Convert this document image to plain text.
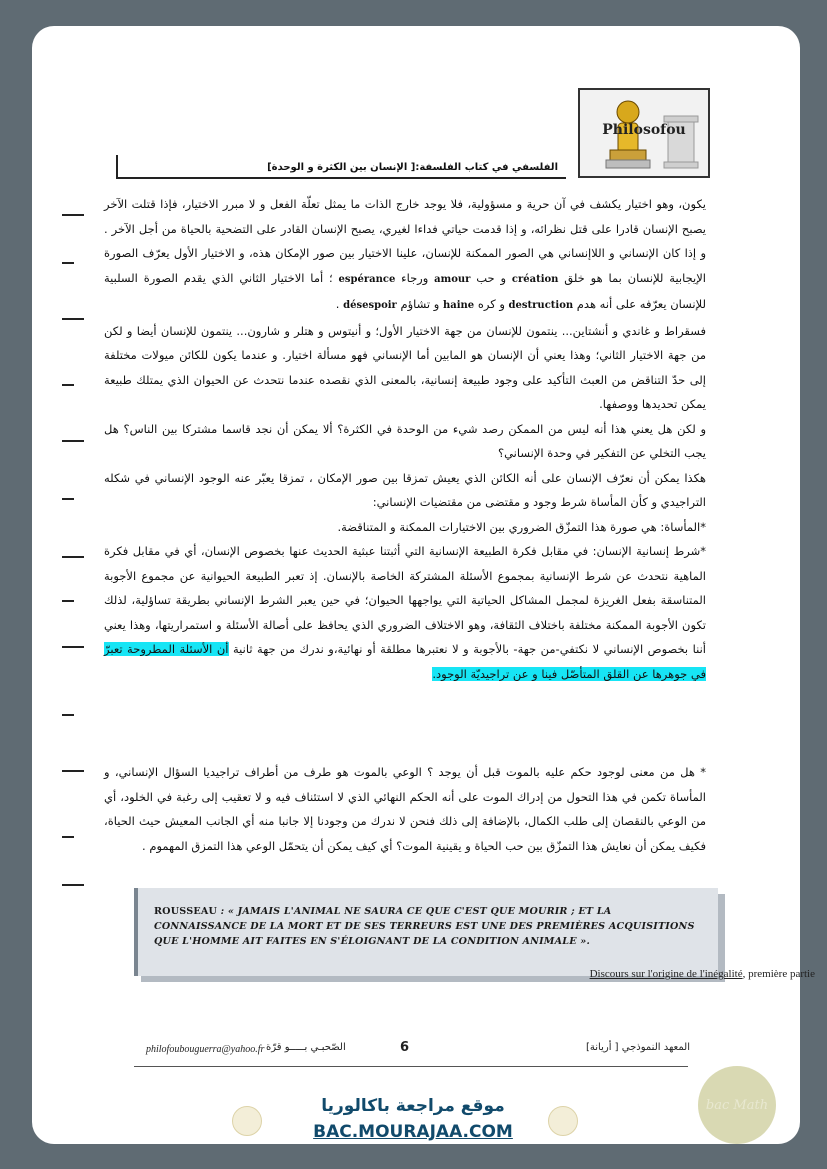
Philosofou
الفلسفي في كتاب الفلسفة:[ الإنسان بين الكثرة و الوحدة]

يكون، وهو اختيار يكشف في آن حرية و مسؤولية، فلا يوجد خارج الذات ما يمثل تعلّة الفعل و لا مبرر الاختيار، فإذا قتلت الآخر يصبح الإنسان قادرا على قتل نظرائه، و إذا قدمت حياتي فداءا لغيري، يصبح الإنسان القادر على التضحية بالحياة من أجل الآخر . و إذا كان الإنساني و اللاإنساني هي الصور الممكنة للإنسان، علينا الاختيار بين صور الإمكان هذه، و الاختيار الأول يعرّف الصورة الإيجابية للإنسان بما هو خلق création و حب amour ورجاء espérance ؛ أما الاختيار الثاني الذي يقدم الصورة السلبية للإنسان يعرّفه على أنه هدم destruction و كره haine و تشاؤم désespoir .

فسقراط و غاندي و أنشتاين... ينتمون للإنسان من جهة الاختيار الأول؛ و أنيتوس و هتلر و شارون... ينتمون للإنسان أيضا و لكن من جهة الاختيار الثاني؛ وهذا يعني أن الإنسان هو المابين أما الإنساني فهو مسألة اختيار. و عندما يكون للكائن ميولات مختلفة إلى حدّ التناقض من العبث التأكيد على وجود طبيعة إنسانية، بالمعنى الذي نقصده عندما نتحدث عن الحيوان الذي يمتلك طبيعة يمكن تحديدها ووصفها.

و لكن هل يعني هذا أنه ليس من الممكن رصد شيء من الوحدة في الكثرة؟ ألا يمكن أن نجد قاسما مشتركا بين الناس؟ هل يجب التخلي عن التفكير في وحدة الإنساني؟

هكذا يمكن أن نعرّف الإنسان على أنه الكائن الذي يعيش تمزقا بين صور الإمكان ، تمزقا يعبّر عنه الوجود الإنساني في شكله التراجيدي و كأن المأساة شرط وجود و مقتضى من مقتضيات الإنساني:

*المأساة: هي صورة هذا التمزّق الضروري بين الاختيارات الممكنة و المتناقضة.

*شرط إنسانية الإنسان: في مقابل فكرة الطبيعة الإنسانية التي أثبتنا عبثية الحديث عنها بخصوص الإنسان، أي في مقابل فكرة الماهية نتحدث عن شرط الإنسانية بمجموع الأسئلة المشتركة الخاصة بالإنسان. إذ تعبر الطبيعة الحيوانية عن مجموع الأجوبة المتناسقة بفعل الغريزة لمجمل المشاكل الحياتية التي يواجهها الحيوان؛ في حين يعبر الشرط الإنساني بطريقة تساؤلية، لذلك تكون الأجوبة الممكنة مختلفة باختلاف الثقافة، وهو الاختلاف الضروري الذي يحافظ على أصالة الأسئلة و استمراريتها، وهذا يعني أننا بخصوص الإنساني لا نكتفي-من جهة- بالأجوبة و لا نعتبرها مطلقة أو نهائية،و ندرك من جهة ثانية أن الأسئلة المطروحة تعبرّ في جوهرها عن القلق المتأصّل فينا و عن تراجيديّة الوجود.

* هل من معنى لوجود حكم عليه بالموت قبل أن يوجد ؟ الوعي بالموت هو طرف من أطراف تراجيديا السؤال الإنساني، و المأساة تكمن في هذا التحول من إدراك الموت على أنه الحكم النهائي الذي لا استئناف فيه و لا تعقيب إلى رغبة في الخلود، أي من الوعي بالنقصان إلى طلب الكمال، بالإضافة إلى ذلك فنحن لا ندرك من وجودنا إلا جانبا منه أي الجانب المعيش حيث الحياة، فكيف يمكن أن نعايش هذا التمزّق بين حب الحياة و يقينية الموت؟ أي كيف يمكن أن يتحمّل الوعي هذا التمزق المهموم .

ROUSSEAU : « JAMAIS L'ANIMAL NE SAURA CE QUE C'EST QUE MOURIR ; ET LA CONNAISSANCE DE LA MORT ET DE SES TERREURS EST UNE DES PREMIÈRES ACQUISITIONS QUE L'HOMME AIT FAITES EN S'ÉLOIGNANT DE LA CONDITION ANIMALE ».
Discours sur l'origine de l'inégalité, première partie
philofoubouguerra@yahoo.fr الصّحبـي بـــــو قرّة	6	المعهد النموذجي [ أريانة]
bac Math
موقع مراجعة باكالوريا
BAC.MOURAJAA.COM
